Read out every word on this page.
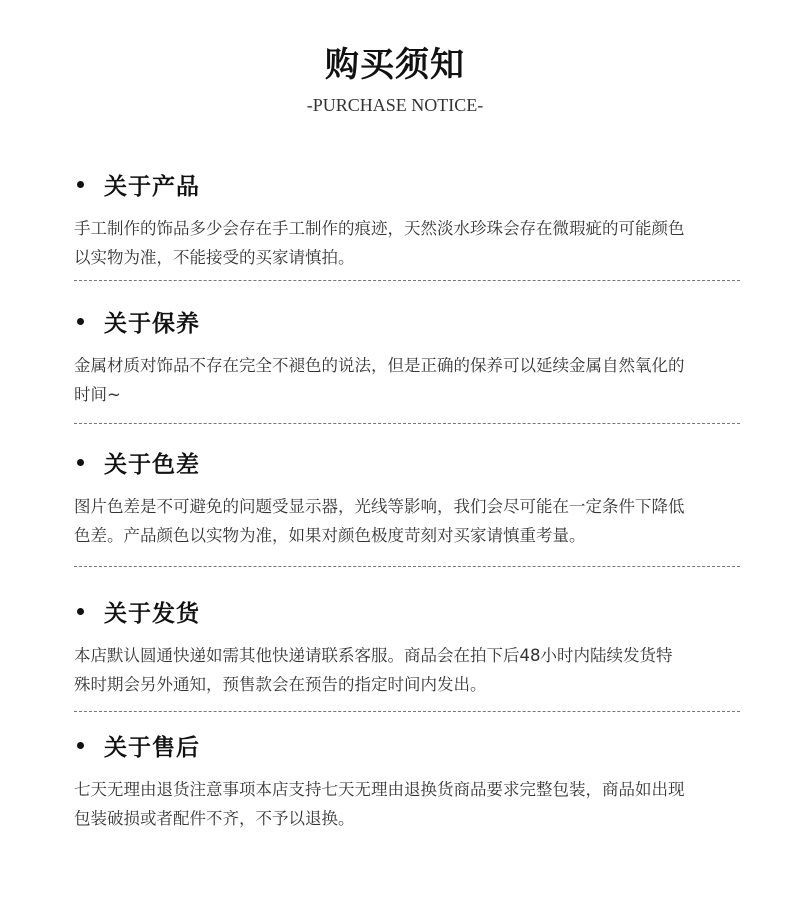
购买须知
-PURCHASE NOTICE-
关于产品
手工制作的饰品多少会存在手工制作的痕迹，天然淡水珍珠会存在微瑕疵的可能颜色
以实物为准，不能接受的买家请慎拍。
关于保养
金属材质对饰品不存在完全不褪色的说法，但是正确的保养可以延续金属自然氧化的
时间~
关于色差
图片色差是不可避免的问题受显示器，光线等影响，我们会尽可能在一定条件下降低
色差。产品颜色以实物为准，如果对颜色极度苛刻对买家请慎重考量。
关于发货
本店默认圆通快递如需其他快递请联系客服。商品会在拍下后48小时内陆续发货特
殊时期会另外通知，预售款会在预告的指定时间内发出。
关于售后
七天无理由退货注意事项本店支持七天无理由退换货商品要求完整包装，商品如出现
包装破损或者配件不齐，不予以退换。
